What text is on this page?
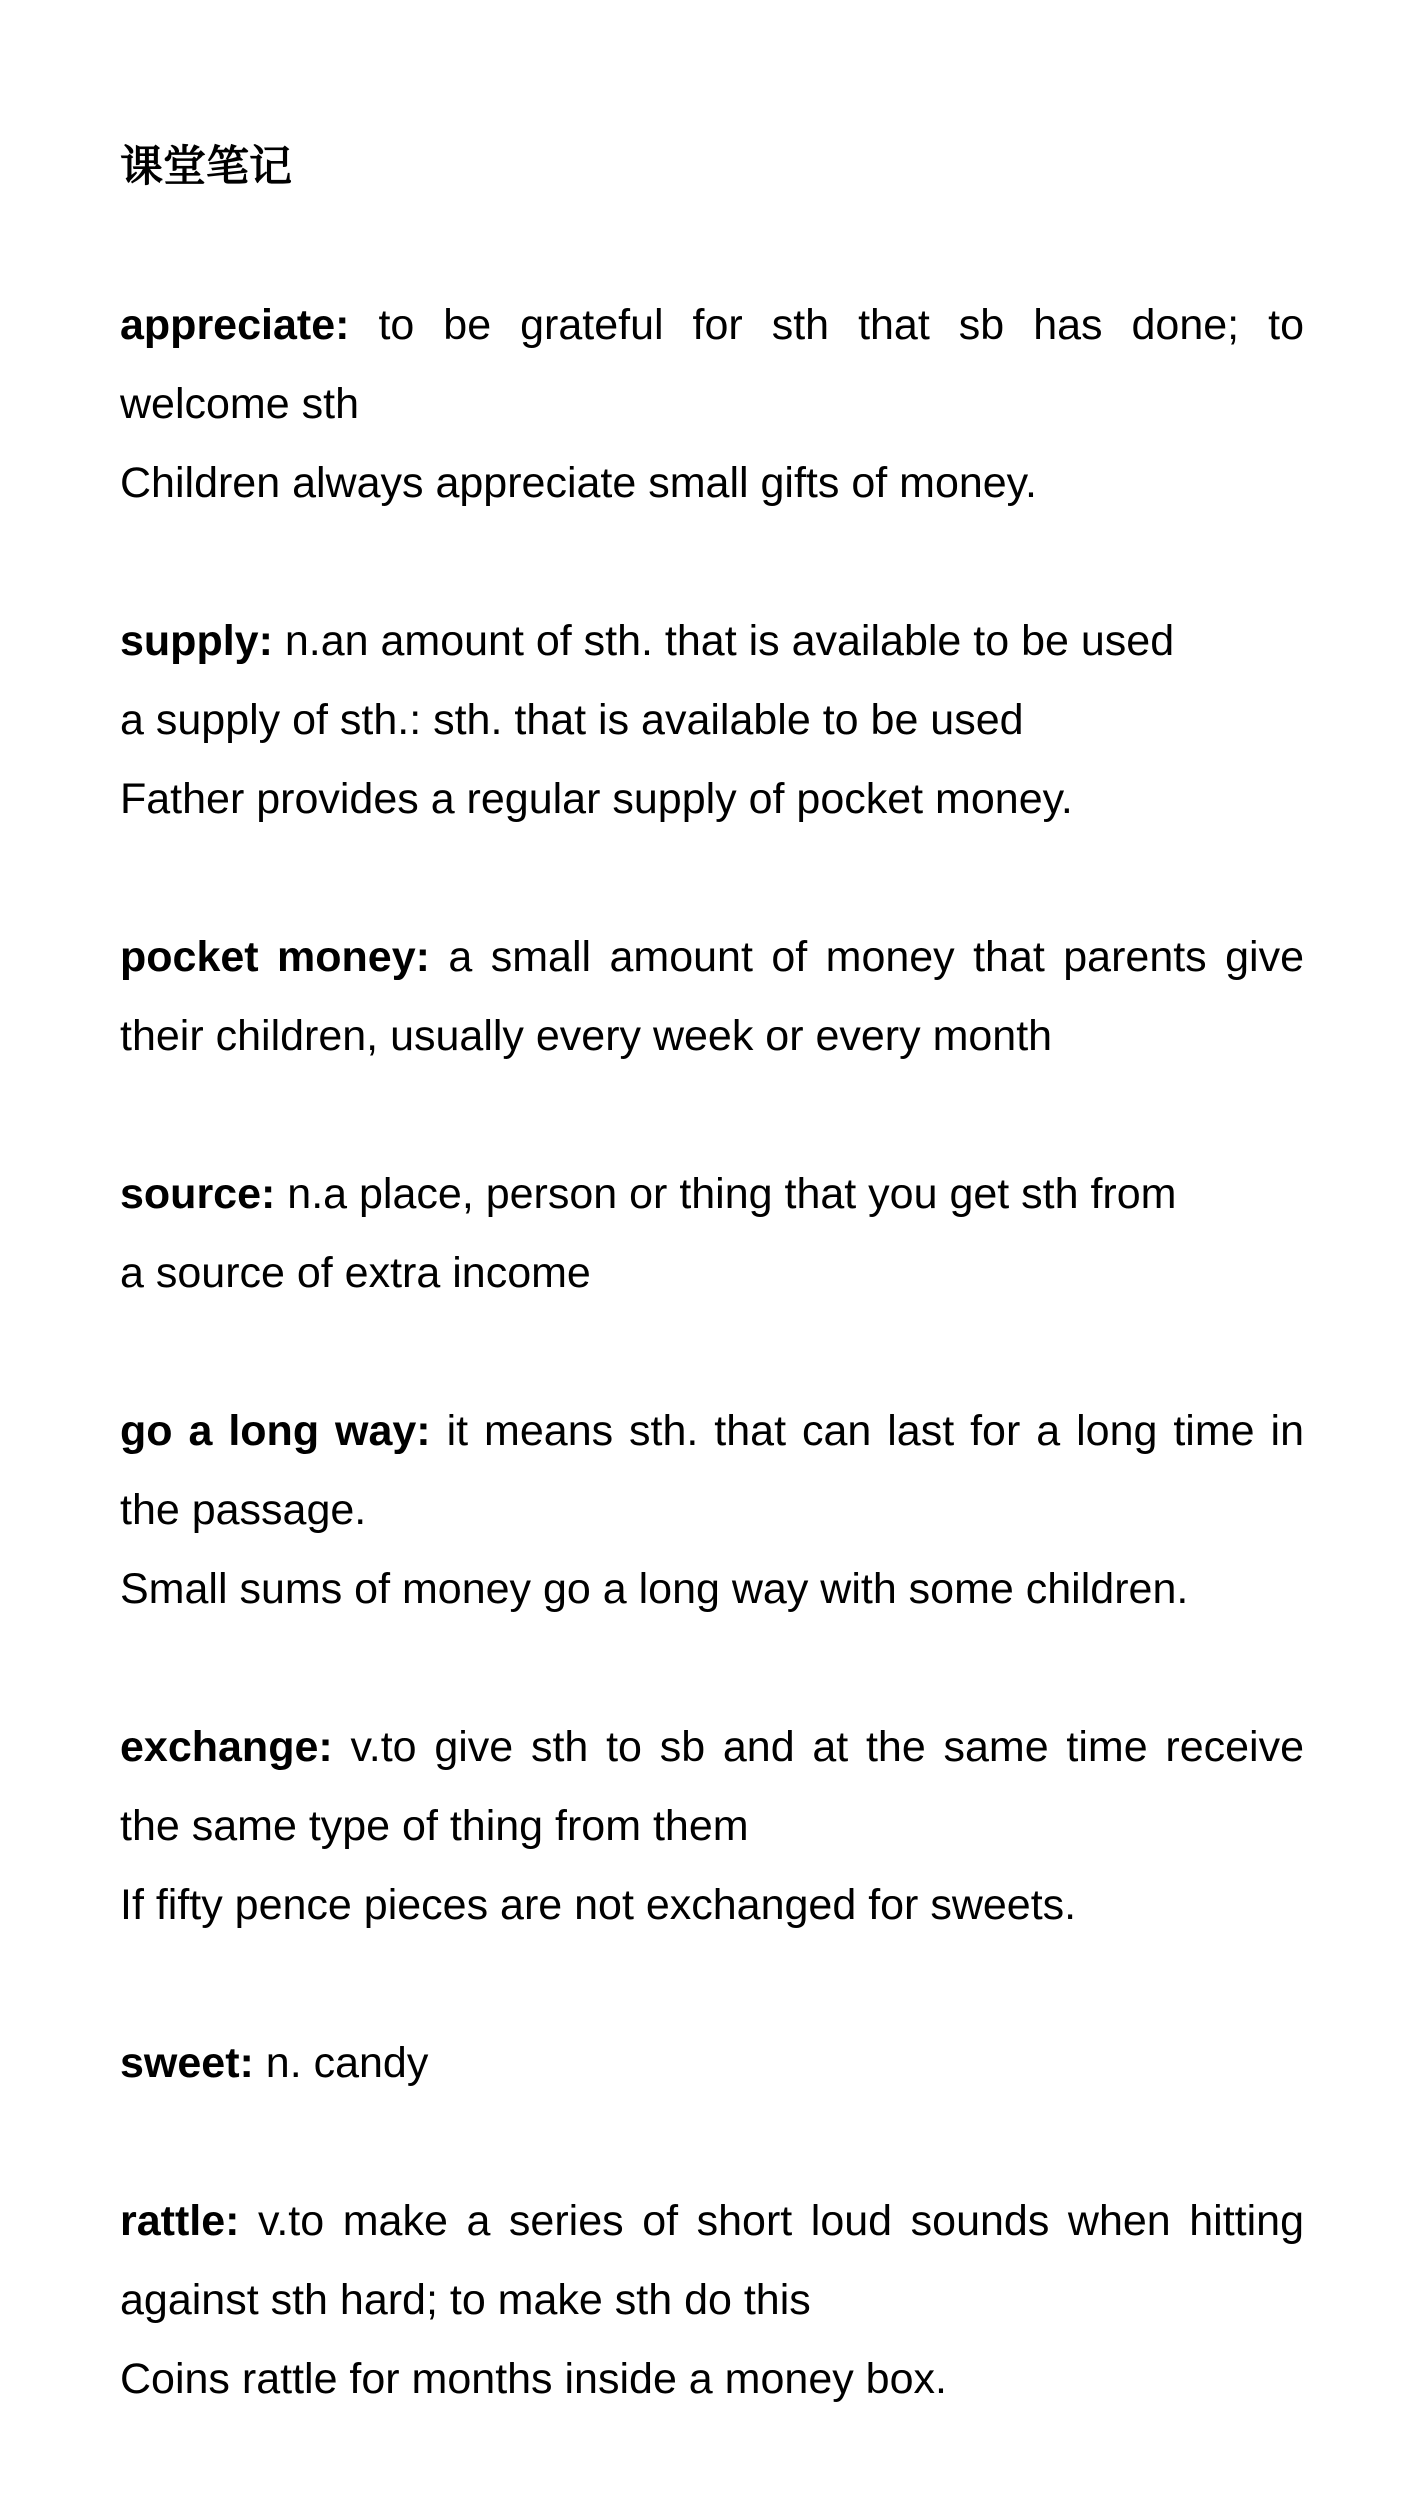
课堂笔记
appreciate: to be grateful for sth that sb has done; to welcome sth
Children always appreciate small gifts of money.
supply: n.an amount of sth. that is available to be used
a supply of sth.: sth. that is available to be used
Father provides a regular supply of pocket money.
pocket money: a small amount of money that parents give their children, usually every week or every month
source: n.a place, person or thing that you get sth from
a source of extra income
go a long way: it means sth. that can last for a long time in the passage.
Small sums of money go a long way with some children.
exchange: v.to give sth to sb and at the same time receive the same type of thing from them
If fifty pence pieces are not exchanged for sweets.
sweet: n. candy
rattle: v.to make a series of short loud sounds when hitting against sth hard; to make sth do this
Coins rattle for months inside a money box.
